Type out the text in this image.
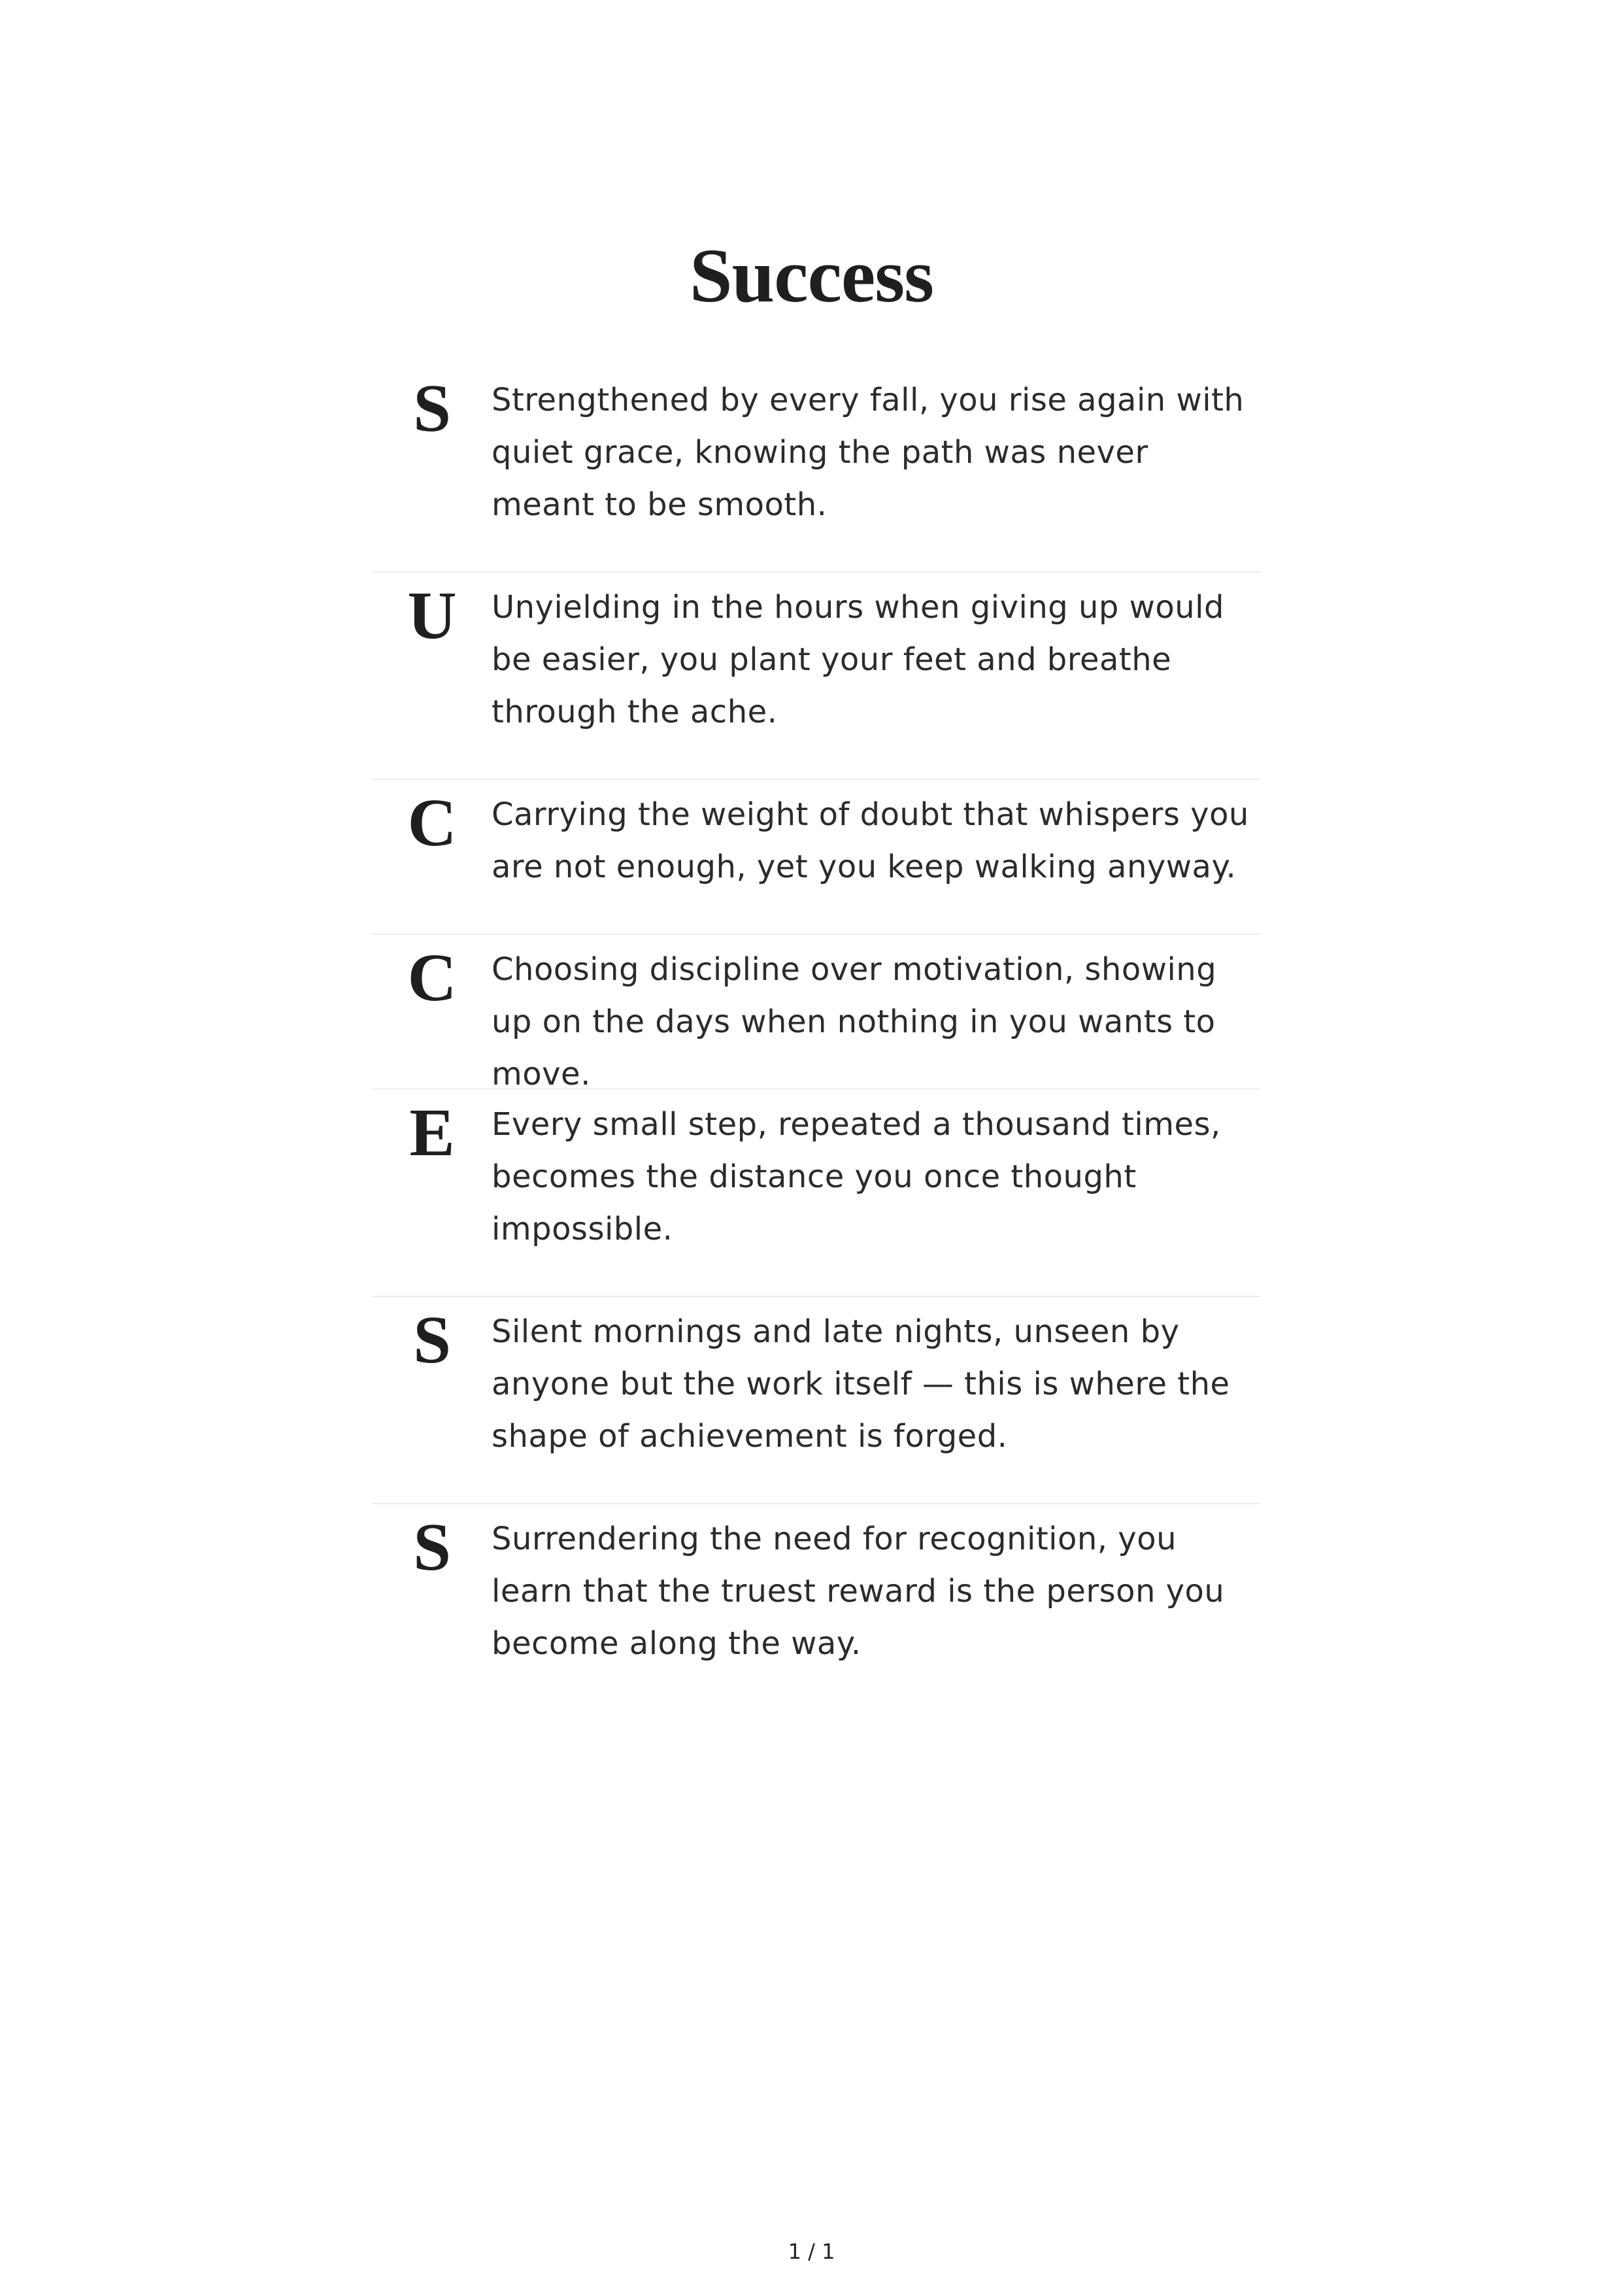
Success
S	Strengthened by every fall, you rise again with quiet grace, knowing the path was never meant to be smooth.
U	Unyielding in the hours when giving up would be easier, you plant your feet and breathe through the ache.
C	Carrying the weight of doubt that whispers you are not enough, yet you keep walking anyway.
C	Choosing discipline over motivation, showing up on the days when nothing in you wants to move.
E	Every small step, repeated a thousand times, becomes the distance you once thought impossible.
S	Silent mornings and late nights, unseen by anyone but the work itself — this is where the shape of achievement is forged.
S	Surrendering the need for recognition, you learn that the truest reward is the person you become along the way.
1 / 1
